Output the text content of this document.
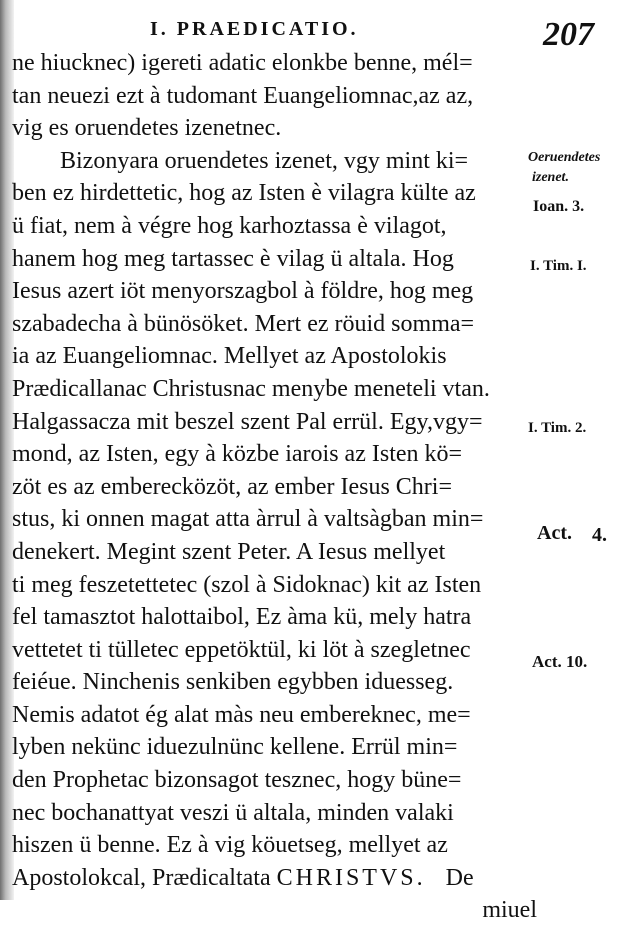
I. PRAEDICATIO.	207
ne hiucknec) igereti adatic elonkbe benne, mél=
tan neuezi ezt à tudomant Euangeliomnac,az az,
vig es oruendetes izenetnec.
Bizonyara oruendetes izenet, vgy mint ki=
ben ez hirdettetic, hog az Isten è vilagra külte az
ü fiat, nem à végre hog karhoztassa è vilagot,
hanem hog meg tartassec è vilag ü altala. Hog
Iesus azert iöt menyorszagbol à földre, hog meg
szabadecha à bünösöket. Mert ez röuid somma=
ia az Euangeliomnac. Mellyet az Apostolokis
Prædicallanac Christusnac menybe meneteli vtan.
Halgassacza mit beszel szent Pal errül. Egy,vgy=
mond, az Isten, egy à közbe iarois az Isten kö=
zöt es az emberecközöt, az ember Iesus Chri=
stus, ki onnen magat atta àrrul à valtsàgban min=
denekert. Megint szent Peter. A Iesus mellyet
ti meg feszetettetec (szol à Sidoknac) kit az Isten
fel tamasztot halottaibol, Ez àma kü, mely hatra
vettetet ti tülletec eppetöktül, ki löt à szegletnec
feiéue. Ninchenis senkiben egybben iduesseg.
Nemis adatot ég alat màs neu embereknec, me=
lyben nekünc iduezulnünc kellene. Errül min=
den Prophetac bizonsagot tesznec, hogy büne=
nec bochanattyat veszi ü altala, minden valaki
hiszen ü benne. Ez à vig köuetseg, mellyet az
Apostolokcal, Prædicaltata CHRISTVS. De
miuel
Oeruendetes
izenet.
Ioan. 3.
I. Tim. I.
I. Tim. 2.
Act. 4.
Act. 10.
